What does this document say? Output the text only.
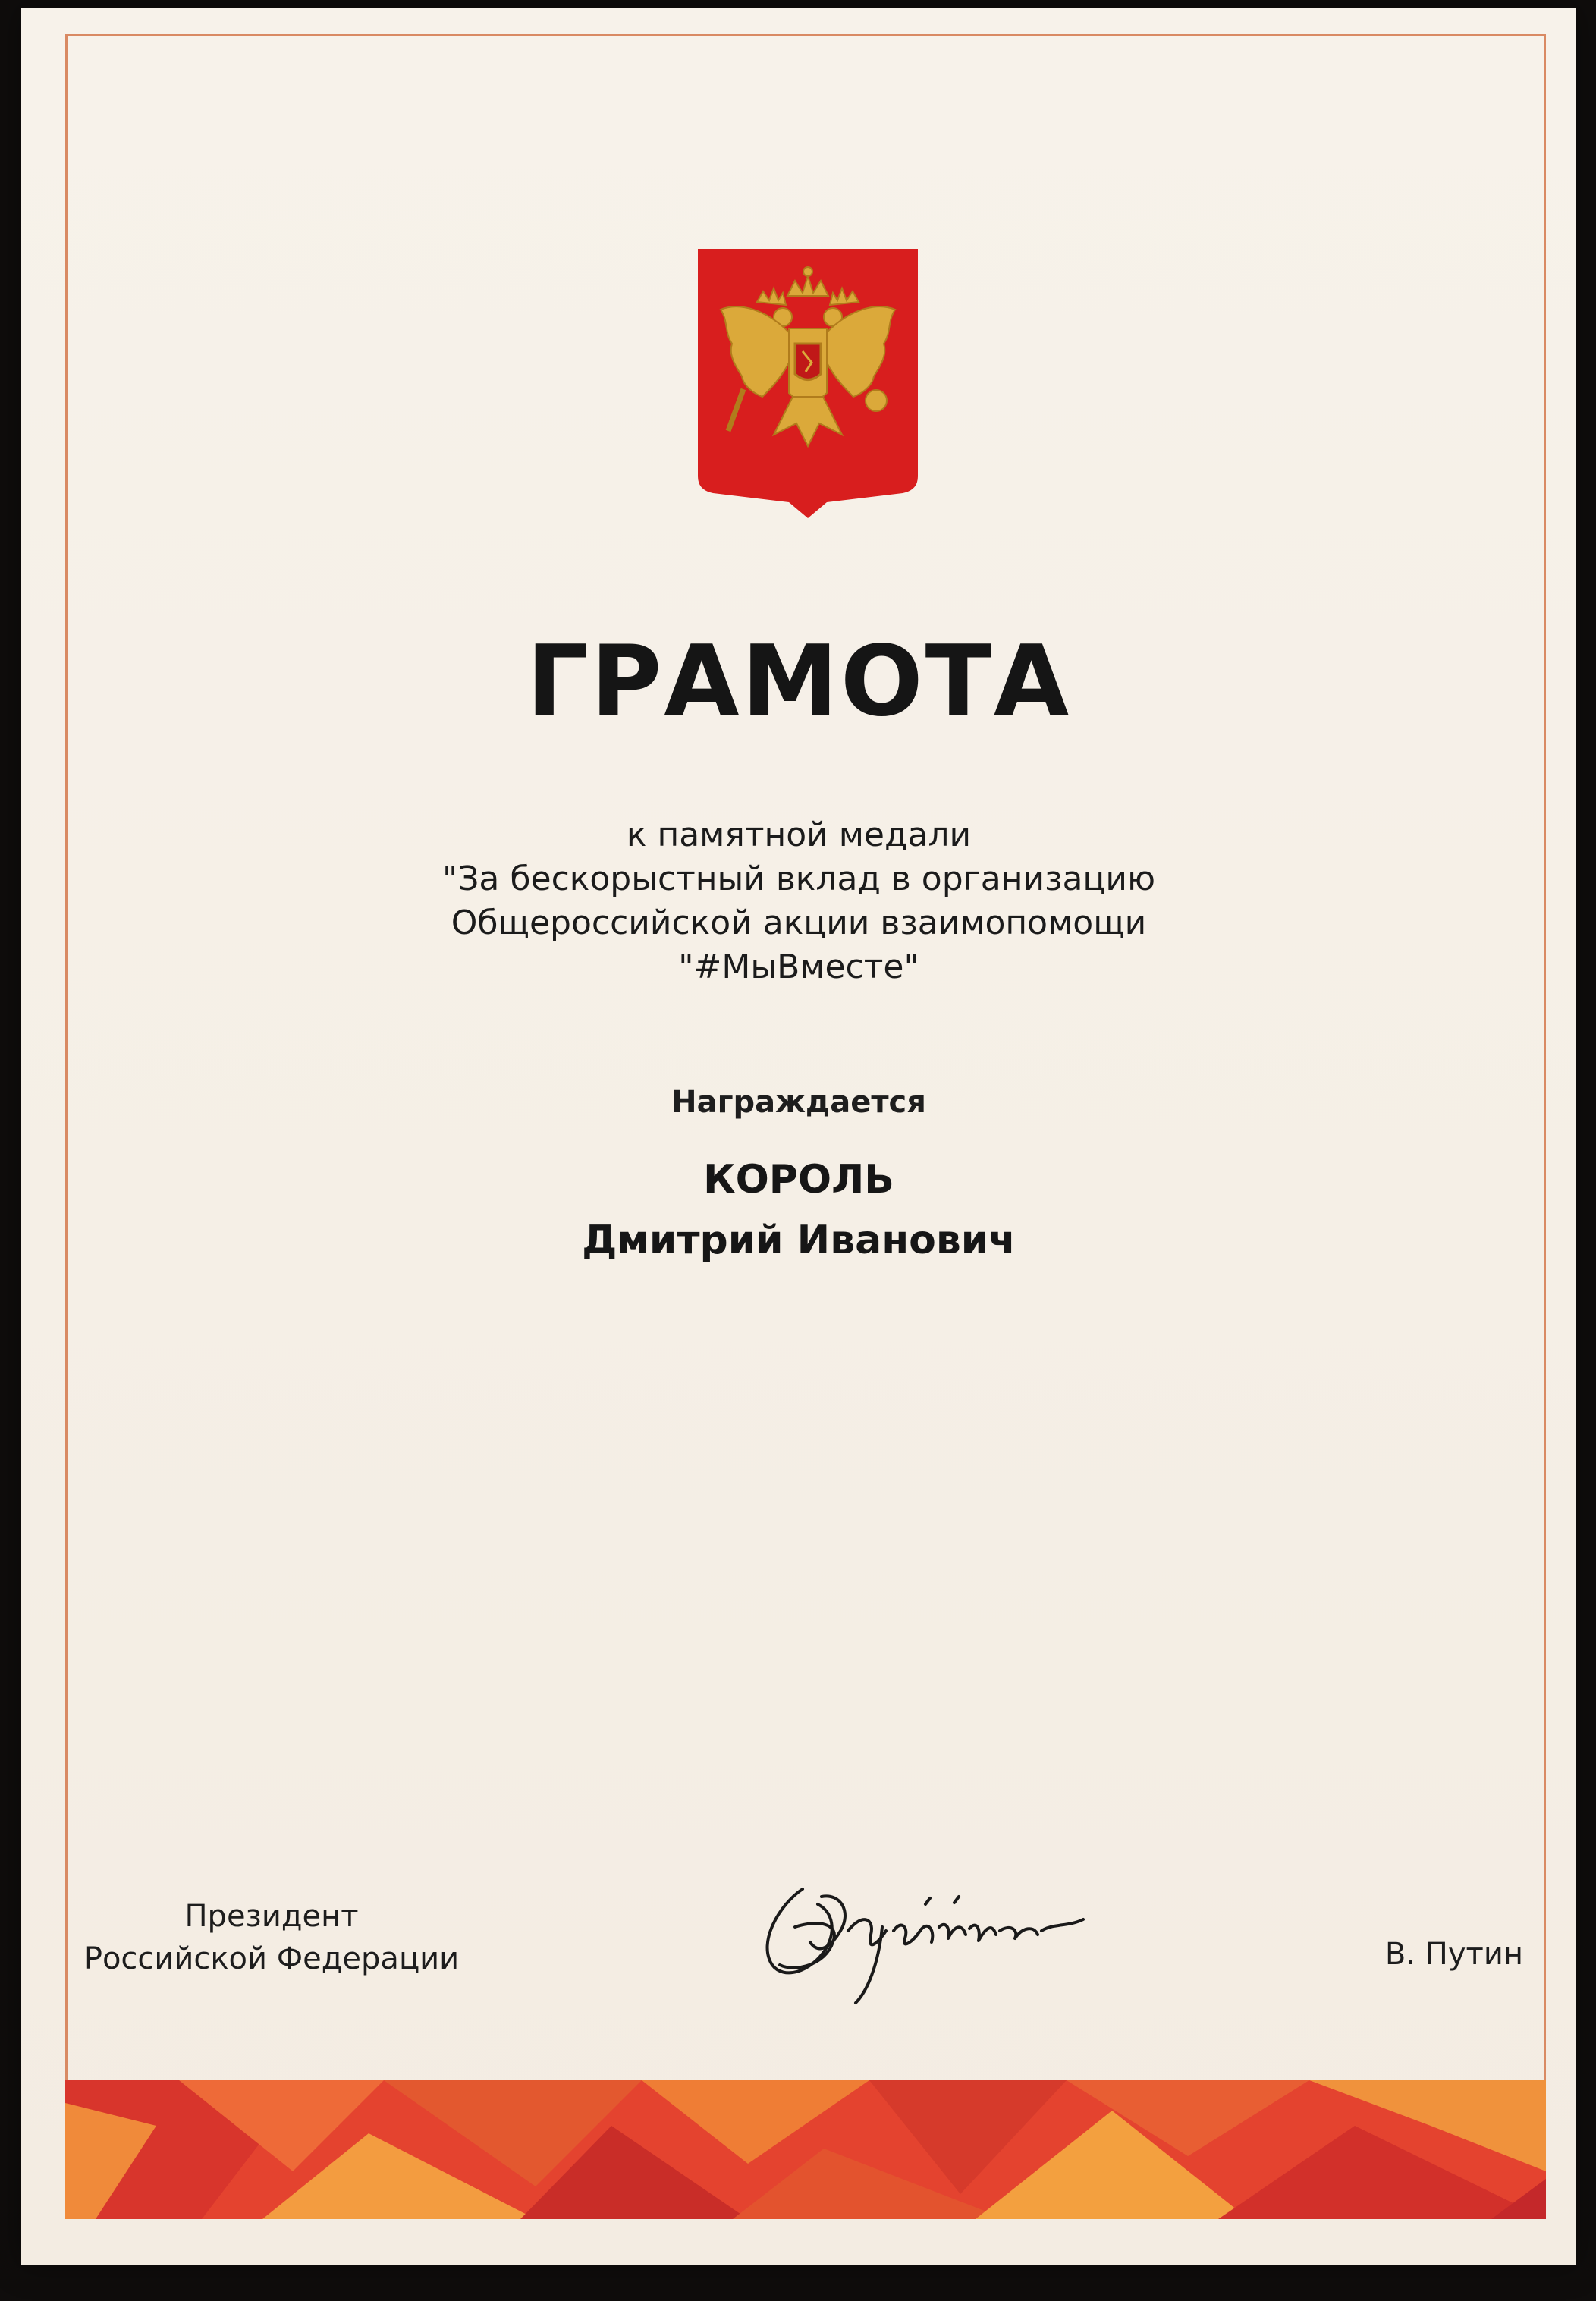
ГРАМОТА
к памятной медали
"За бескорыстный вклад в организацию
Общероссийской акции взаимопомощи
"#МыВместе"
Награждается
КОРОЛЬ
Дмитрий Иванович
Президент
Российской Федерации	В. Путин
